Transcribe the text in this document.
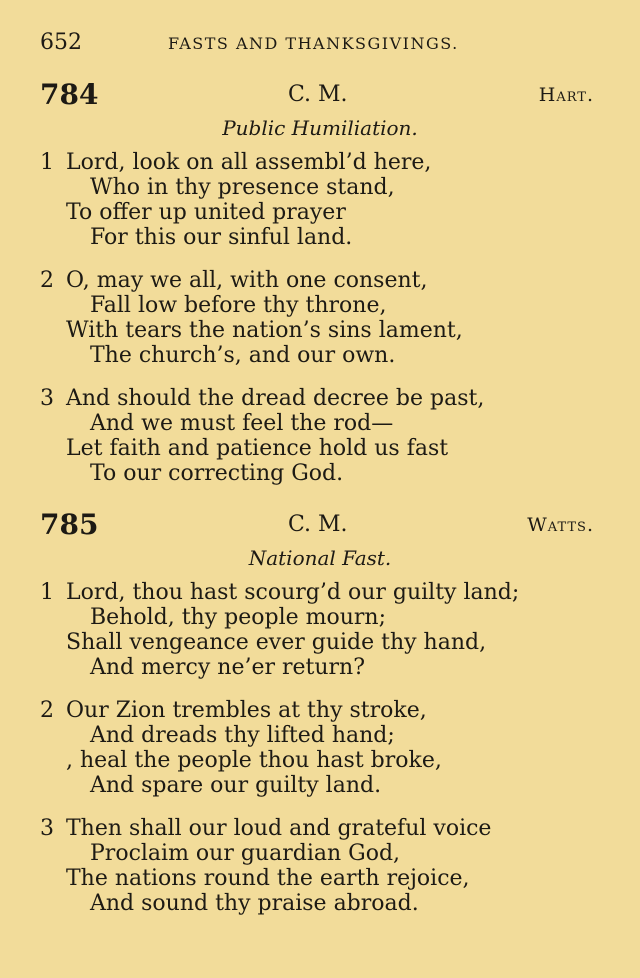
652	FASTS AND THANKSGIVINGS.
784	C. M.	Hart.
Public Humiliation.
1 Lord, look on all assembl’d here,
Who in thy presence stand,
To offer up united prayer
For this our sinful land.
2 O, may we all, with one consent,
Fall low before thy throne,
With tears the nation’s sins lament,
The church’s, and our own.
3 And should the dread decree be past,
And we must feel the rod—
Let faith and patience hold us fast
To our correcting God.
785	C. M.	Watts.
National Fast.
1 Lord, thou hast scourg’d our guilty land;
Behold, thy people mourn;
Shall vengeance ever guide thy hand,
And mercy ne’er return?
2 Our Zion trembles at thy stroke,
And dreads thy lifted hand;
, heal the people thou hast broke,
And spare our guilty land.
3 Then shall our loud and grateful voice
Proclaim our guardian God,
The nations round the earth rejoice,
And sound thy praise abroad.
